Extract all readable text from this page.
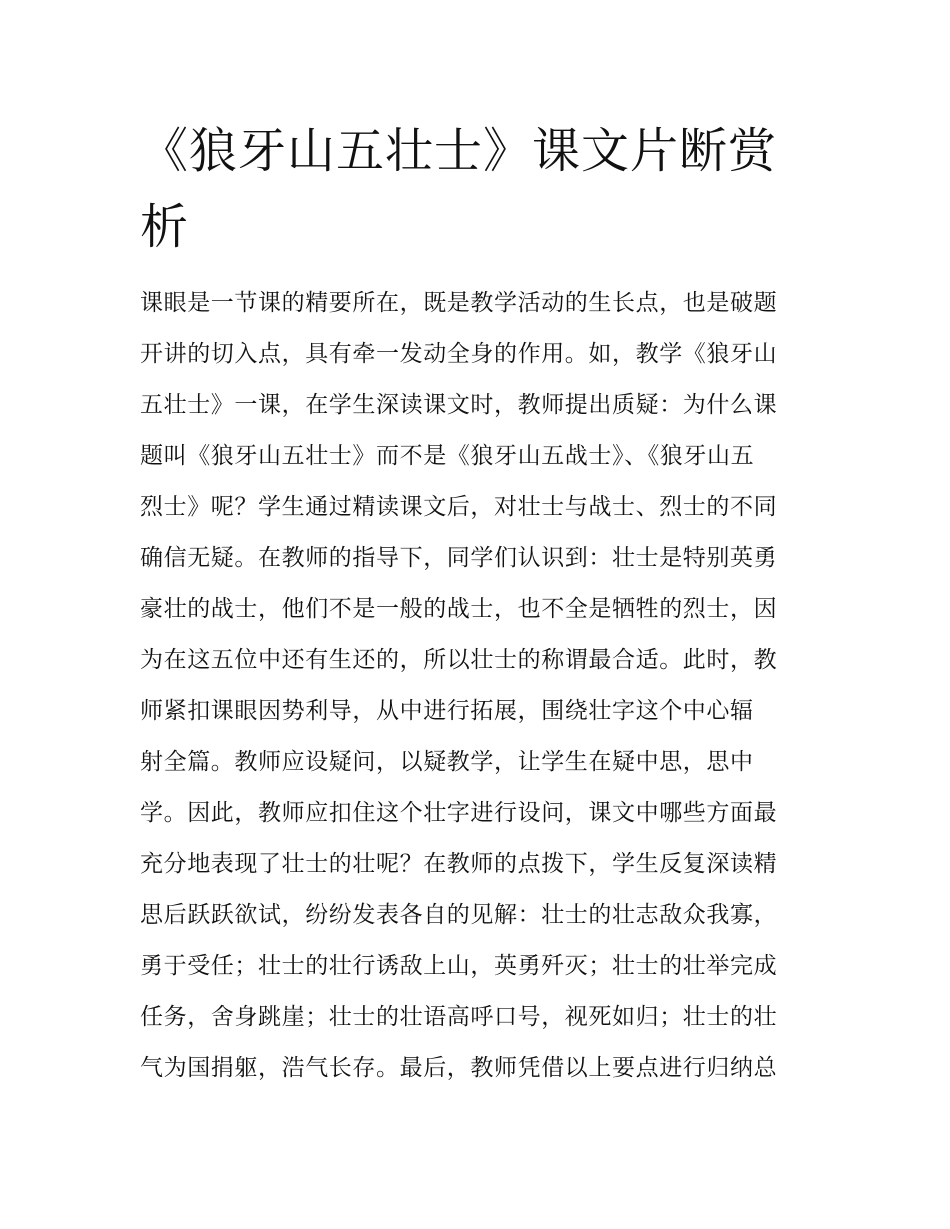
《狼牙山五壮士》课文片断赏
析
课眼是一节课的精要所在，既是教学活动的生长点，也是破题
开讲的切入点，具有牵一发动全身的作用。如，教学《狼牙山
五壮士》一课，在学生深读课文时，教师提出质疑：为什么课
题叫《狼牙山五壮士》而不是《狼牙山五战士》、《狼牙山五
烈士》呢？学生通过精读课文后，对壮士与战士、烈士的不同
确信无疑。在教师的指导下，同学们认识到：壮士是特别英勇
豪壮的战士，他们不是一般的战士，也不全是牺牲的烈士，因
为在这五位中还有生还的，所以壮士的称谓最合适。此时，教
师紧扣课眼因势利导，从中进行拓展，围绕壮字这个中心辐
射全篇。教师应设疑问，以疑教学，让学生在疑中思，思中
学。因此，教师应扣住这个壮字进行设问，课文中哪些方面最
充分地表现了壮士的壮呢？在教师的点拨下，学生反复深读精
思后跃跃欲试，纷纷发表各自的见解：壮士的壮志敌众我寡，
勇于受任；壮士的壮行诱敌上山，英勇歼灭；壮士的壮举完成
任务，舍身跳崖；壮士的壮语高呼口号，视死如归；壮士的壮
气为国捐躯，浩气长存。最后，教师凭借以上要点进行归纳总
